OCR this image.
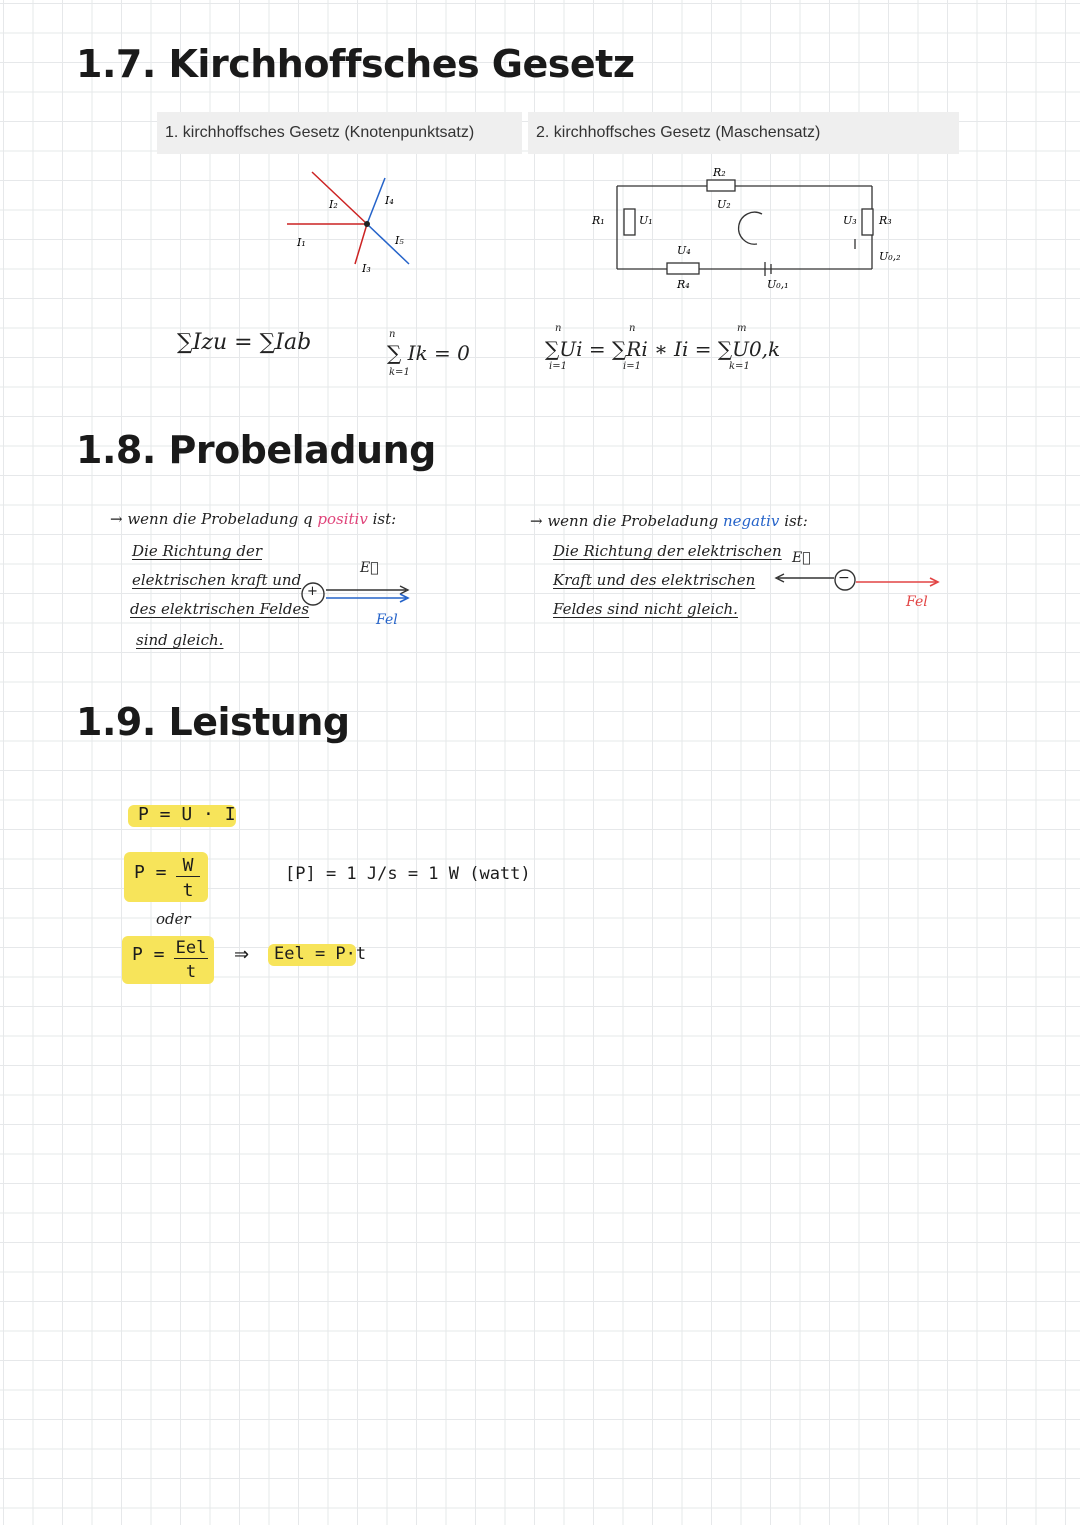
1.7. Kirchhoffsches Gesetz
1. kirchhoffsches Gesetz (Knotenpunktsatz)	2. kirchhoffsches Gesetz (Maschensatz)
I₂	I₄
I₁	I₅
I₃
R₂
U₂
R₁	U₁
U₄
R₄	U₀,₁
U₃ R₃
U₀,₂
∑Izu = ∑Iab	n
∑ Ik = 0
k=1
∑Ui = ∑Ri ∗ Ii = ∑U0,k
n	n	m
i=1	i=1	k=1
1.8. Probeladung
→ wenn die Probeladung q positiv ist:
Die Richtung der
elektrischen kraft und
des elektrischen Feldes
sind gleich.
+
E⃗
Fel
→ wenn die Probeladung negativ ist:
Die Richtung der elektrischen
Kraft und des elektrischen
Feldes sind nicht gleich.
−
E⃗
Fel
1.9. Leistung
P = U · I
P = W
t
[P] = 1 J/s = 1 W (watt)
oder
P = Eel
t
⇒ Eel = P·t
